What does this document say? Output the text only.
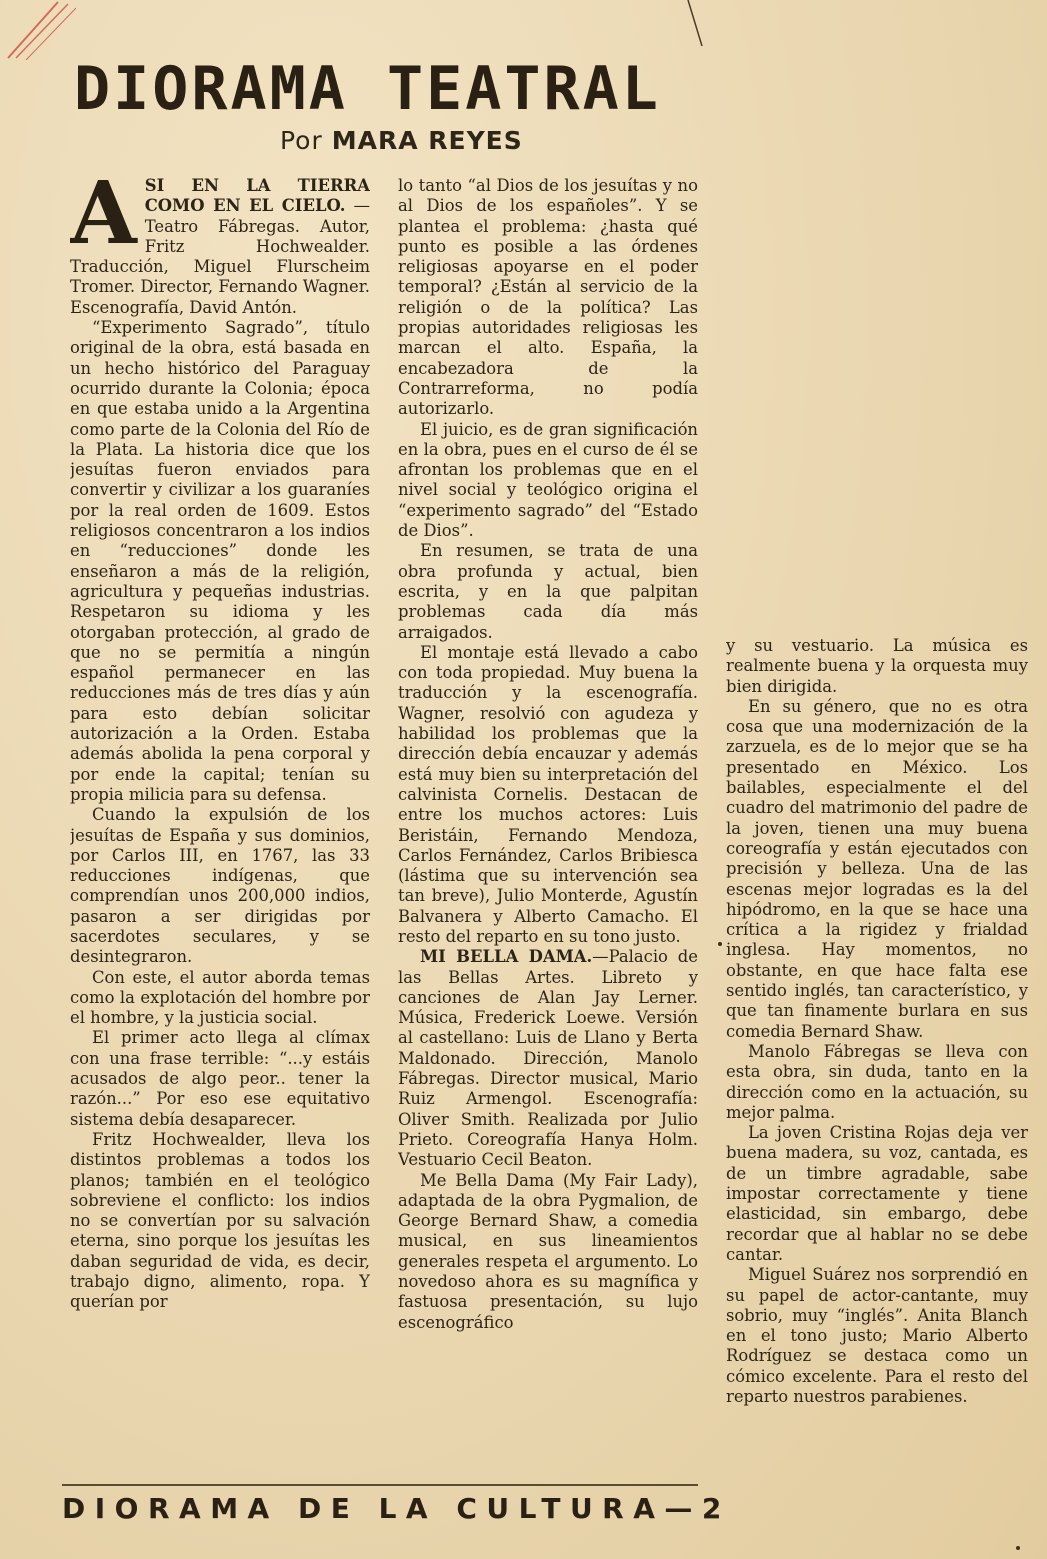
DIORAMA TEATRAL

Por MARA REYES

ASI EN LA TIERRA COMO EN EL CIELO. — Teatro Fábregas. Autor, Fritz Hochwealder. Traducción, Miguel Flurscheim Tromer. Director, Fernando Wagner. Escenografía, David Antón.

“Experimento Sagrado”, título original de la obra, está basada en un hecho histórico del Paraguay ocurrido durante la Colonia; época en que estaba unido a la Argentina como parte de la Colonia del Río de la Plata. La historia dice que los jesuítas fueron enviados para convertir y civilizar a los guaraníes por la real orden de 1609. Estos religiosos concentraron a los indios en “reducciones” donde les enseñaron a más de la religión, agricultura y pequeñas industrias. Respetaron su idioma y les otorgaban protección, al grado de que no se permitía a ningún español permanecer en las reducciones más de tres días y aún para esto debían solicitar autorización a la Orden. Estaba además abolida la pena corporal y por ende la capital; tenían su propia milicia para su defensa.

Cuando la expulsión de los jesuítas de España y sus dominios, por Carlos III, en 1767, las 33 reducciones indígenas, que comprendían unos 200,000 indios, pasaron a ser dirigidas por sacerdotes seculares, y se desintegraron.

Con este, el autor aborda temas como la explotación del hombre por el hombre, y la justicia social.

El primer acto llega al clímax con una frase terrible: “...y estáis acusados de algo peor.. tener la razón...” Por eso ese equitativo sistema debía desaparecer.

Fritz Hochwealder, lleva los distintos problemas a todos los planos; también en el teológico sobreviene el conflicto: los indios no se convertían por su salvación eterna, sino porque los jesuítas les daban seguridad de vida, es decir, trabajo digno, alimento, ropa. Y querían por

lo tanto “al Dios de los jesuítas y no al Dios de los españoles”. Y se plantea el problema: ¿hasta qué punto es posible a las órdenes religiosas apoyarse en el poder temporal? ¿Están al servicio de la religión o de la política? Las propias autoridades religiosas les marcan el alto. España, la encabezadora de la Contrarreforma, no podía autorizarlo.

El juicio, es de gran significación en la obra, pues en el curso de él se afrontan los problemas que en el nivel social y teológico origina el “experimento sagrado” del “Estado de Dios”.

En resumen, se trata de una obra profunda y actual, bien escrita, y en la que palpitan problemas cada día más arraigados.

El montaje está llevado a cabo con toda propiedad. Muy buena la traducción y la escenografía. Wagner, resolvió con agudeza y habilidad los problemas que la dirección debía encauzar y además está muy bien su interpretación del calvinista Cornelis. Destacan de entre los muchos actores: Luis Beristáin, Fernando Mendoza, Carlos Fernández, Carlos Bribiesca (lástima que su intervención sea tan breve), Julio Monterde, Agustín Balvanera y Alberto Camacho. El resto del reparto en su tono justo.

MI BELLA DAMA.—Palacio de las Bellas Artes. Libreto y canciones de Alan Jay Lerner. Música, Frederick Loewe. Versión al castellano: Luis de Llano y Berta Maldonado. Dirección, Manolo Fábregas. Director musical, Mario Ruiz Armengol. Escenografía: Oliver Smith. Realizada por Julio Prieto. Coreografía Hanya Holm. Vestuario Cecil Beaton.

Me Bella Dama (My Fair Lady), adaptada de la obra Pygmalion, de George Bernard Shaw, a comedia musical, en sus lineamientos generales respeta el argumento. Lo novedoso ahora es su magnífica y fastuosa presentación, su lujo escenográfico

y su vestuario. La música es realmente buena y la orquesta muy bien dirigida.

En su género, que no es otra cosa que una modernización de la zarzuela, es de lo mejor que se ha presentado en México. Los bailables, especialmente el del cuadro del matrimonio del padre de la joven, tienen una muy buena coreografía y están ejecutados con precisión y belleza. Una de las escenas mejor logradas es la del hipódromo, en la que se hace una crítica a la rigidez y frialdad inglesa. Hay momentos, no obstante, en que hace falta ese sentido inglés, tan característico, y que tan finamente burlara en sus comedia Bernard Shaw.

Manolo Fábregas se lleva con esta obra, sin duda, tanto en la dirección como en la actuación, su mejor palma.

La joven Cristina Rojas deja ver buena madera, su voz, cantada, es de un timbre agradable, sabe impostar correctamente y tiene elasticidad, sin embargo, debe recordar que al hablar no se debe cantar.

Miguel Suárez nos sorprendió en su papel de actor-cantante, muy sobrio, muy “inglés”. Anita Blanch en el tono justo; Mario Alberto Rodríguez se destaca como un cómico excelente. Para el resto del reparto nuestros parabienes.

DIORAMA DE LA CULTURA—2
